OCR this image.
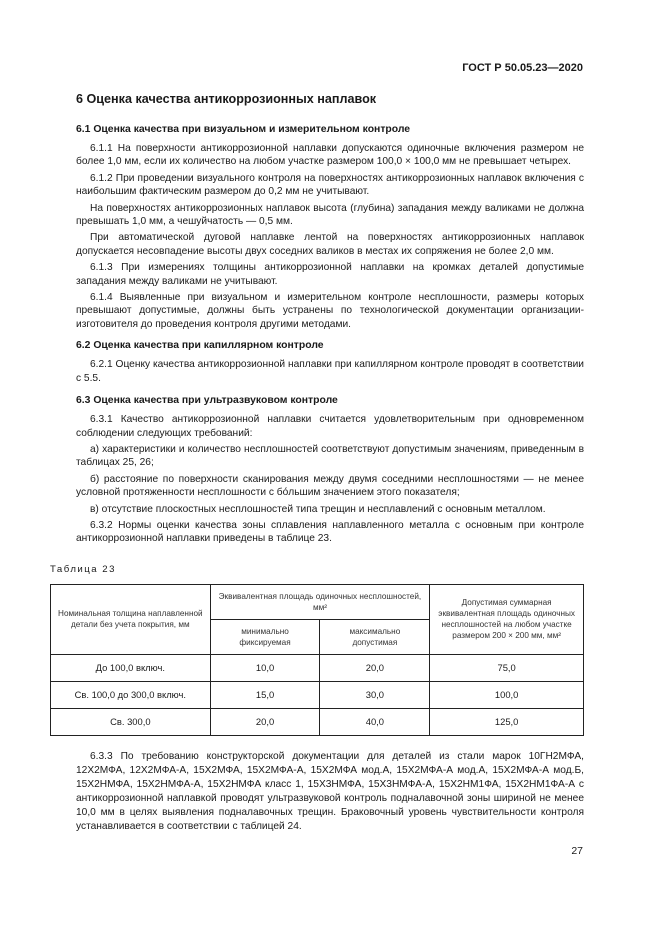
ГОСТ Р 50.05.23—2020
6 Оценка качества антикоррозионных наплавок
6.1 Оценка качества при визуальном и измерительном контроле

6.1.1 На поверхности антикоррозионной наплавки допускаются одиночные включения размером не более 1,0 мм, если их количество на любом участке размером 100,0 × 100,0 мм не превышает четырех.

6.1.2 При проведении визуального контроля на поверхностях антикоррозионных наплавок включения с наибольшим фактическим размером до 0,2 мм не учитывают.

На поверхностях антикоррозионных наплавок высота (глубина) западания между валиками не должна превышать 1,0 мм, а чешуйчатость — 0,5 мм.

При автоматической дуговой наплавке лентой на поверхностях антикоррозионных наплавок допускается несовпадение высоты двух соседних валиков в местах их сопряжения не более 2,0 мм.

6.1.3 При измерениях толщины антикоррозионной наплавки на кромках деталей допустимые западания между валиками не учитывают.

6.1.4 Выявленные при визуальном и измерительном контроле несплошности, размеры которых превышают допустимые, должны быть устранены по технологической документации организации-изготовителя до проведения контроля другими методами.

6.2 Оценка качества при капиллярном контроле

6.2.1 Оценку качества антикоррозионной наплавки при капиллярном контроле проводят в соответствии с 5.5.

6.3 Оценка качества при ультразвуковом контроле

6.3.1 Качество антикоррозионной наплавки считается удовлетворительным при одновременном соблюдении следующих требований:

а) характеристики и количество несплошностей соответствуют допустимым значениям, приведенным в таблицах 25, 26;

б) расстояние по поверхности сканирования между двумя соседними несплошностями — не менее условной протяженности несплошности с бо́льшим значением этого показателя;

в) отсутствие плоскостных несплошностей типа трещин и несплавлений с основным металлом.

6.3.2 Нормы оценки качества зоны сплавления наплавленного металла с основным при контроле антикоррозионной наплавки приведены в таблице 23.

Таблица 23
Номинальная толщина наплавленной детали без учета покрытия, мм	Эквивалентная площадь одиночных несплошностей, мм²		Допустимая суммарная эквивалентная площадь одиночных несплошностей на любом участке размером 200 × 200 мм, мм²
	минимально фиксируемая	максимально допустимая	
До 100,0 включ.	10,0	20,0	75,0
Св. 100,0 до 300,0 включ.	15,0	30,0	100,0
Св. 300,0	20,0	40,0	125,0

6.3.3 По требованию конструкторской документации для деталей из стали марок 10ГН2МФА, 12Х2МФА, 12Х2МФА-А, 15Х2МФА, 15Х2МФА-А, 15Х2МФА мод.А, 15Х2МФА-А мод.А, 15Х2МФА-А мод.Б, 15Х2НМФА, 15Х2НМФА-А, 15Х2НМФА класс 1, 15Х3НМФА, 15Х3НМФА-А, 15Х2НМ1ФА, 15Х2НМ1ФА-А с антикоррозионной наплавкой проводят ультразвуковой контроль подналавочной зоны шириной не менее 10,0 мм в целях выявления подналавочных трещин. Браковочный уровень чувствительности контроля устанавливается в соответствии с таблицей 24.

27
